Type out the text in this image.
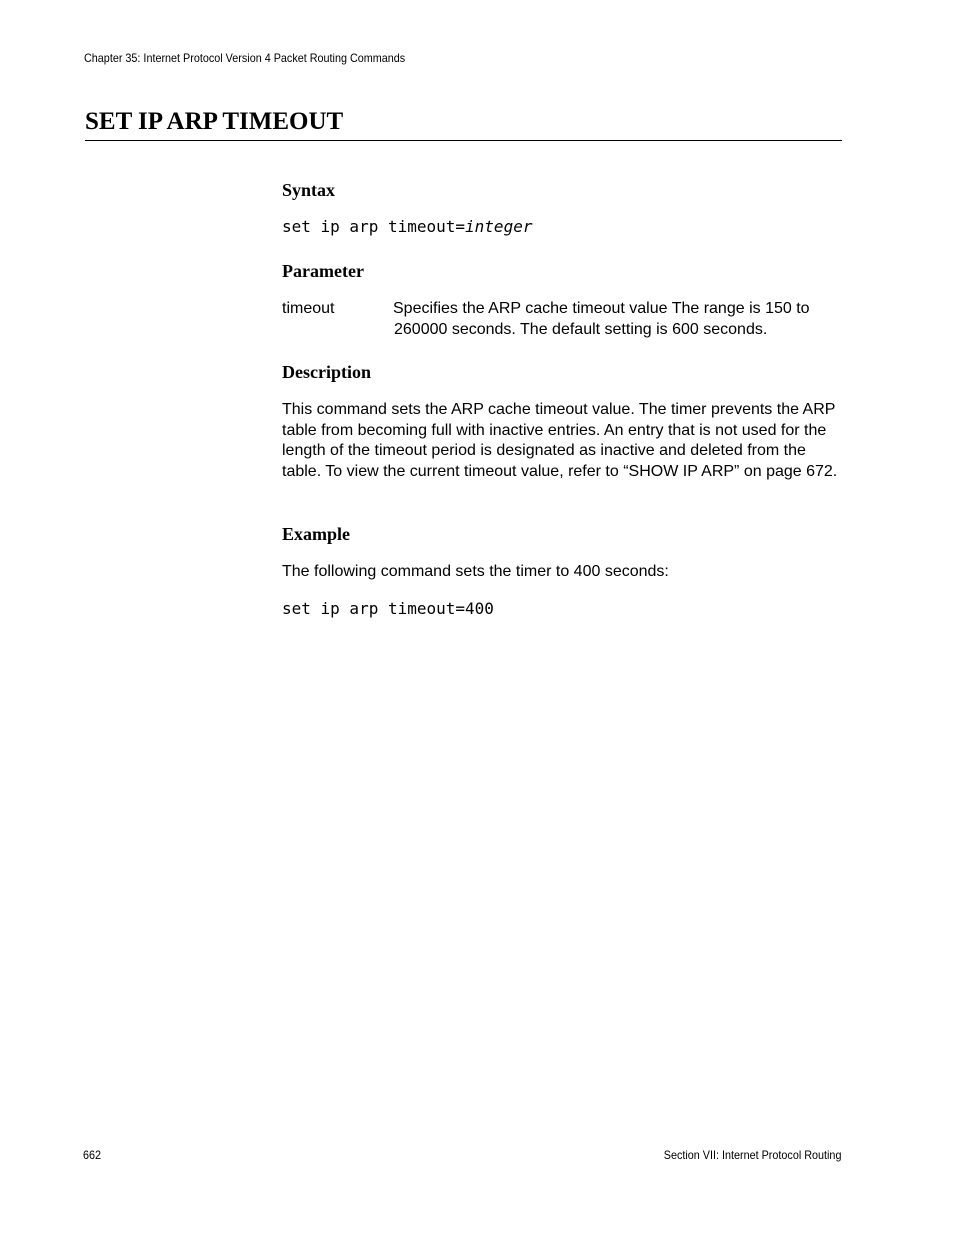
Chapter 35: Internet Protocol Version 4 Packet Routing Commands
SET IP ARP TIMEOUT
Syntax
set ip arp timeout=integer
Parameter
timeout	Specifies the ARP cache timeout value The range is 150 to 260000 seconds. The default setting is 600 seconds.
Description

This command sets the ARP cache timeout value. The timer prevents the ARP table from becoming full with inactive entries. An entry that is not used for the length of the timeout period is designated as inactive and deleted from the table. To view the current timeout value, refer to “SHOW IP ARP” on page 672.

Example

The following command sets the timer to 400 seconds:

set ip arp timeout=400
662	Section VII: Internet Protocol Routing
